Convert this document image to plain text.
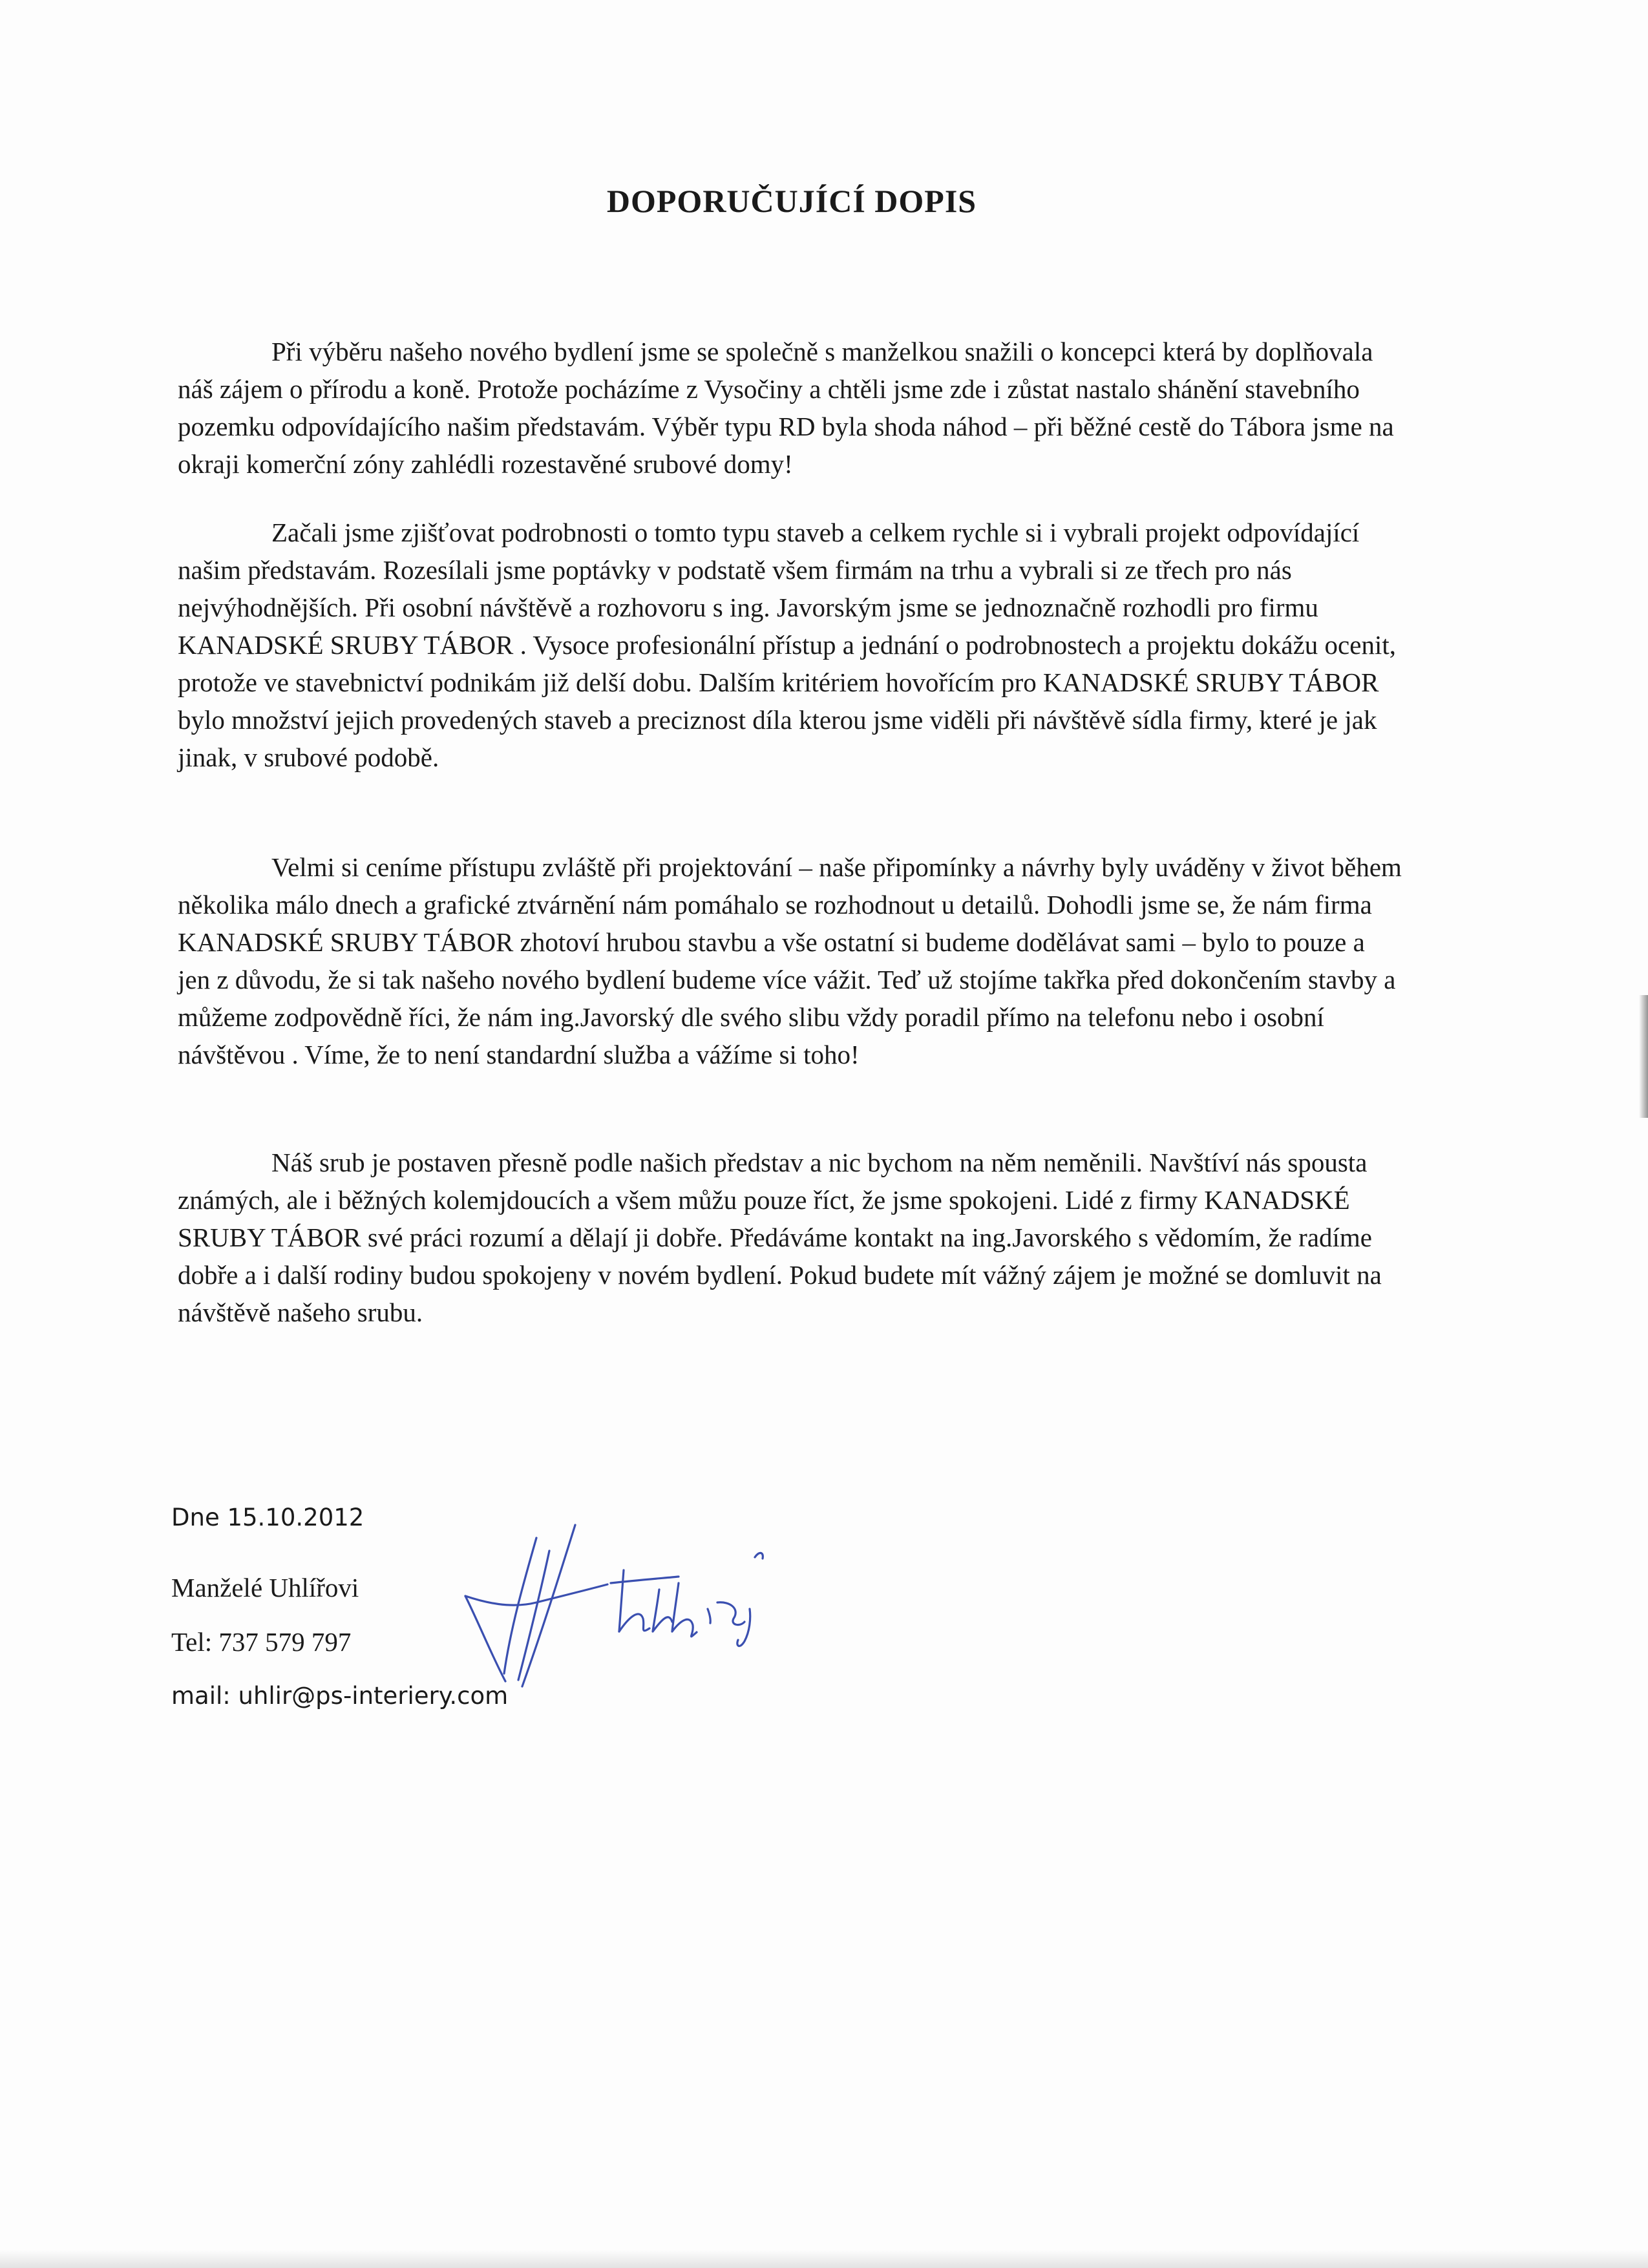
DOPORUČUJÍCÍ DOPIS

Při výběru našeho nového bydlení jsme se společně s manželkou snažili o koncepci která by doplňovala náš zájem o přírodu a koně. Protože pocházíme z Vysočiny a chtěli jsme zde i zůstat nastalo shánění stavebního pozemku odpovídajícího našim představám. Výběr typu RD byla shoda náhod – při běžné cestě do Tábora jsme na okraji komerční zóny zahlédli rozestavěné srubové domy!

Začali jsme zjišťovat podrobnosti o tomto typu staveb a celkem rychle si i vybrali projekt odpovídající našim představám. Rozesílali jsme poptávky v podstatě všem firmám na trhu a vybrali si ze třech pro nás nejvýhodnějších. Při osobní návštěvě a rozhovoru s ing. Javorským jsme se jednoznačně rozhodli pro firmu KANADSKÉ SRUBY TÁBOR . Vysoce profesionální přístup a jednání o podrobnostech a projektu dokážu ocenit, protože ve stavebnictví podnikám již delší dobu. Dalším kritériem hovořícím pro KANADSKÉ SRUBY TÁBOR bylo množství jejich provedených staveb a preciznost díla kterou jsme viděli při návštěvě sídla firmy, které je jak jinak, v srubové podobě.

Velmi si ceníme přístupu zvláště při projektování – naše připomínky a návrhy byly uváděny v život během několika málo dnech a grafické ztvárnění nám pomáhalo se rozhodnout u detailů. Dohodli jsme se, že nám firma KANADSKÉ SRUBY TÁBOR zhotoví hrubou stavbu a vše ostatní si budeme dodělávat sami – bylo to pouze a jen z důvodu, že si tak našeho nového bydlení budeme více vážit. Teď už stojíme takřka před dokončením stavby a můžeme zodpovědně říci, že nám ing.Javorský dle svého slibu vždy poradil přímo na telefonu nebo i osobní návštěvou . Víme, že to není standardní služba a vážíme si toho!

Náš srub je postaven přesně podle našich představ a nic bychom na něm neměnili. Navštíví nás spousta známých, ale i běžných kolemjdoucích a všem můžu pouze říct, že jsme spokojeni. Lidé z firmy KANADSKÉ SRUBY TÁBOR své práci rozumí a dělají ji dobře. Předáváme kontakt na ing.Javorského s vědomím, že radíme dobře a i další rodiny budou spokojeny v novém bydlení. Pokud budete mít vážný zájem je možné se domluvit na návštěvě našeho srubu.

Dne 15.10.2012
Manželé Uhlířovi
Tel: 737 579 797
mail: uhlir@ps-interiery.com
